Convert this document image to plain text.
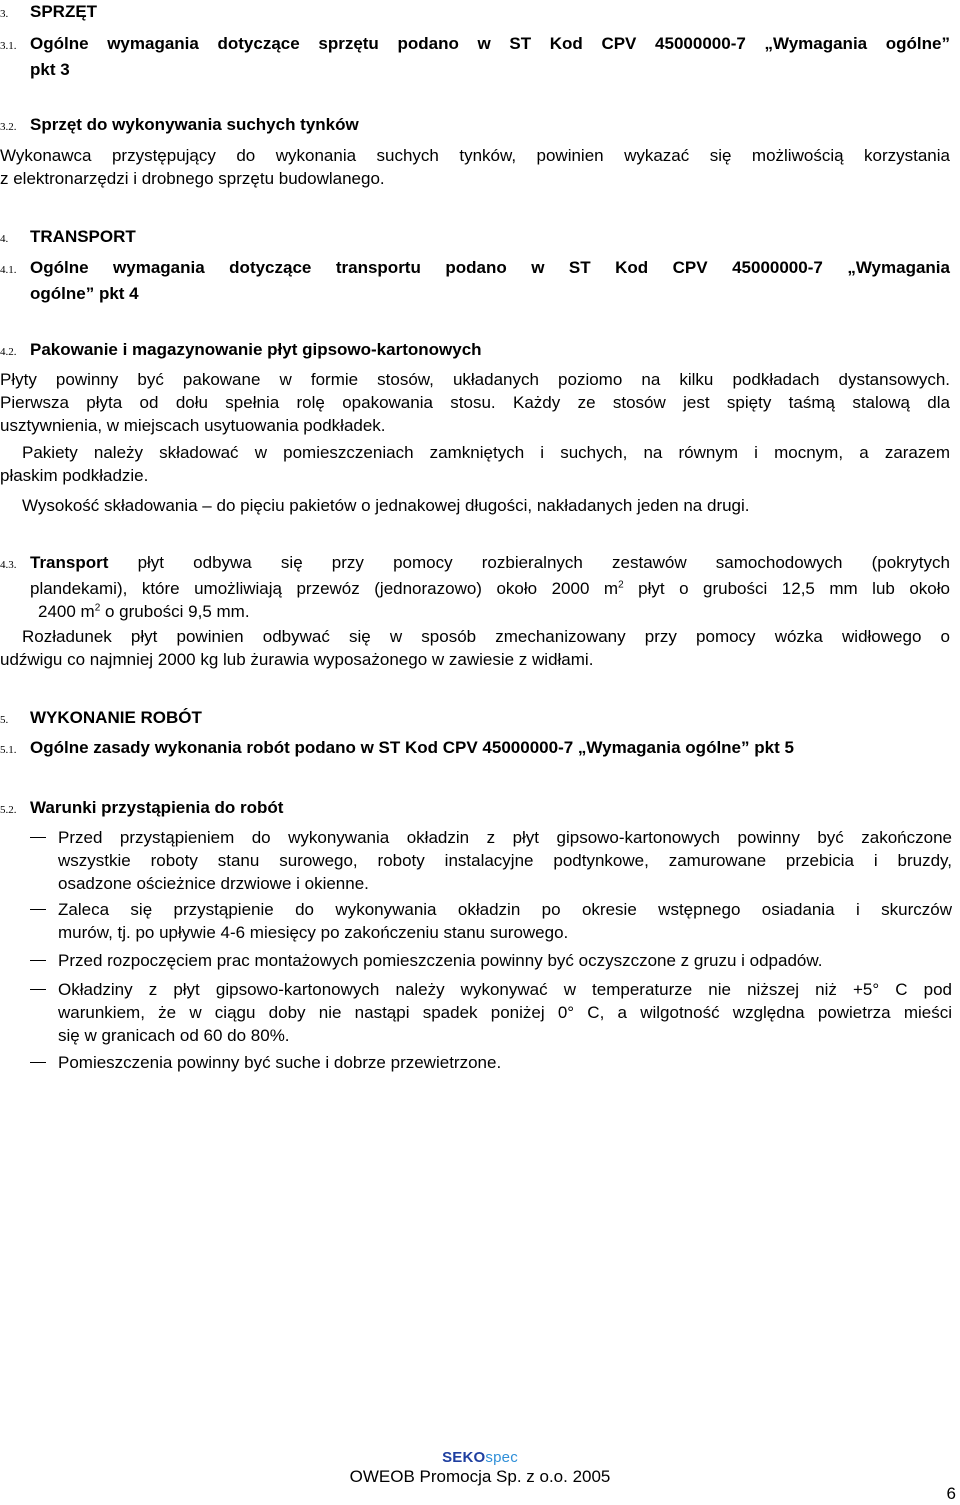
3. SPRZĘT
3.1. Ogólne wymagania dotyczące sprzętu podano w ST Kod CPV 45000000-7 „Wymagania ogólne”
pkt 3
3.2. Sprzęt do wykonywania suchych tynków
Wykonawca przystępujący do wykonania suchych tynków, powinien wykazać się możliwością korzystania
z elektronarzędzi i drobnego sprzętu budowlanego.
4. TRANSPORT
4.1. Ogólne wymagania dotyczące transportu podano w ST Kod CPV 45000000-7 „Wymagania
ogólne” pkt 4
4.2. Pakowanie i magazynowanie płyt gipsowo-kartonowych
Płyty powinny być pakowane w formie stosów, układanych poziomo na kilku podkładach dystansowych.
Pierwsza płyta od dołu spełnia rolę opakowania stosu. Każdy ze stosów jest spięty taśmą stalową dla
usztywnienia, w miejscach usytuowania podkładek.
Pakiety należy składować w pomieszczeniach zamkniętych i suchych, na równym i mocnym, a zarazem
płaskim podkładzie.
Wysokość składowania – do pięciu pakietów o jednakowej długości, nakładanych jeden na drugi.
4.3. Transport płyt odbywa się przy pomocy rozbieralnych zestawów samochodowych (pokrytych
plandekami), które umożliwiają przewóz (jednorazowo) około 2000 $m^2$ płyt o grubości 12,5 mm lub około
2400 $m^2$ o grubości 9,5 mm.
Rozładunek płyt powinien odbywać się w sposób zmechanizowany przy pomocy wózka widłowego o
udźwigu co najmniej 2000 kg lub żurawia wyposażonego w zawiesie z widłami.
5. WYKONANIE ROBÓT
5.1. Ogólne zasady wykonania robót podano w ST Kod CPV 45000000-7 „Wymagania ogólne” pkt 5
5.2. Warunki przystąpienia do robót
Przed przystąpieniem do wykonywania okładzin z płyt gipsowo-kartonowych powinny być zakończone
wszystkie roboty stanu surowego, roboty instalacyjne podtynkowe, zamurowane przebicia i bruzdy,
osadzone ościeżnice drzwiowe i okienne.
Zaleca się przystąpienie do wykonywania okładzin po okresie wstępnego osiadania i skurczów
murów, tj. po upływie 4-6 miesięcy po zakończeniu stanu surowego.
Przed rozpoczęciem prac montażowych pomieszczenia powinny być oczyszczone z gruzu i odpadów.
Okładziny z płyt gipsowo-kartonowych należy wykonywać w temperaturze nie niższej niż +5° C pod
warunkiem, że w ciągu doby nie nastąpi spadek poniżej 0° C, a wilgotność względna powietrza mieści
się w granicach od 60 do 80%.
Pomieszczenia powinny być suche i dobrze przewietrzone.
SEKOspec
OWEOB Promocja Sp. z o.o. 2005
6
